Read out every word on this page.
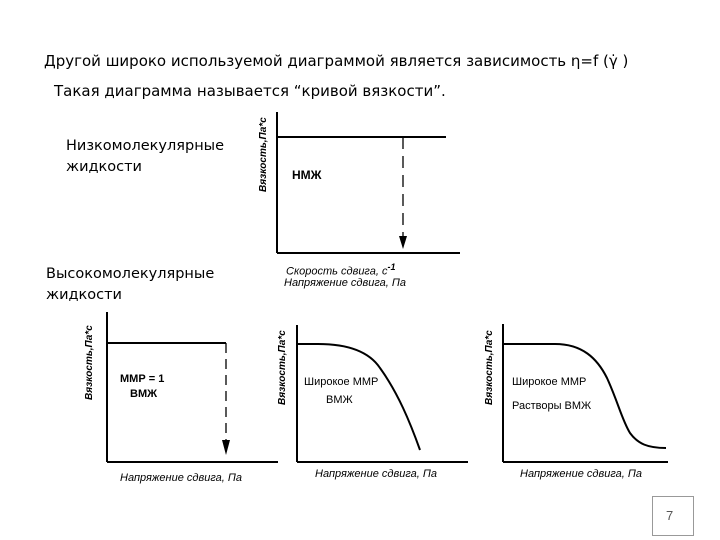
Другой широко используемой диаграммой является зависимость η=f (γ̇ )
Такая диаграмма называется “кривой вязкости”.
Низкомолекулярные
жидкости
Высокомолекулярные
жидкости
Вязкость,Па*с НМЖ
Скорость сдвига, $с^{-1}$
Напряжение сдвига, Па
Вязкость,Па*с ММР = 1
ВМЖ
Напряжение сдвига, Па
Вязкость,Па*с Широкое ММР
ВМЖ
Напряжение сдвига, Па
Вязкость,Па*с Широкое ММР
Растворы ВМЖ
Напряжение сдвига, Па
7
